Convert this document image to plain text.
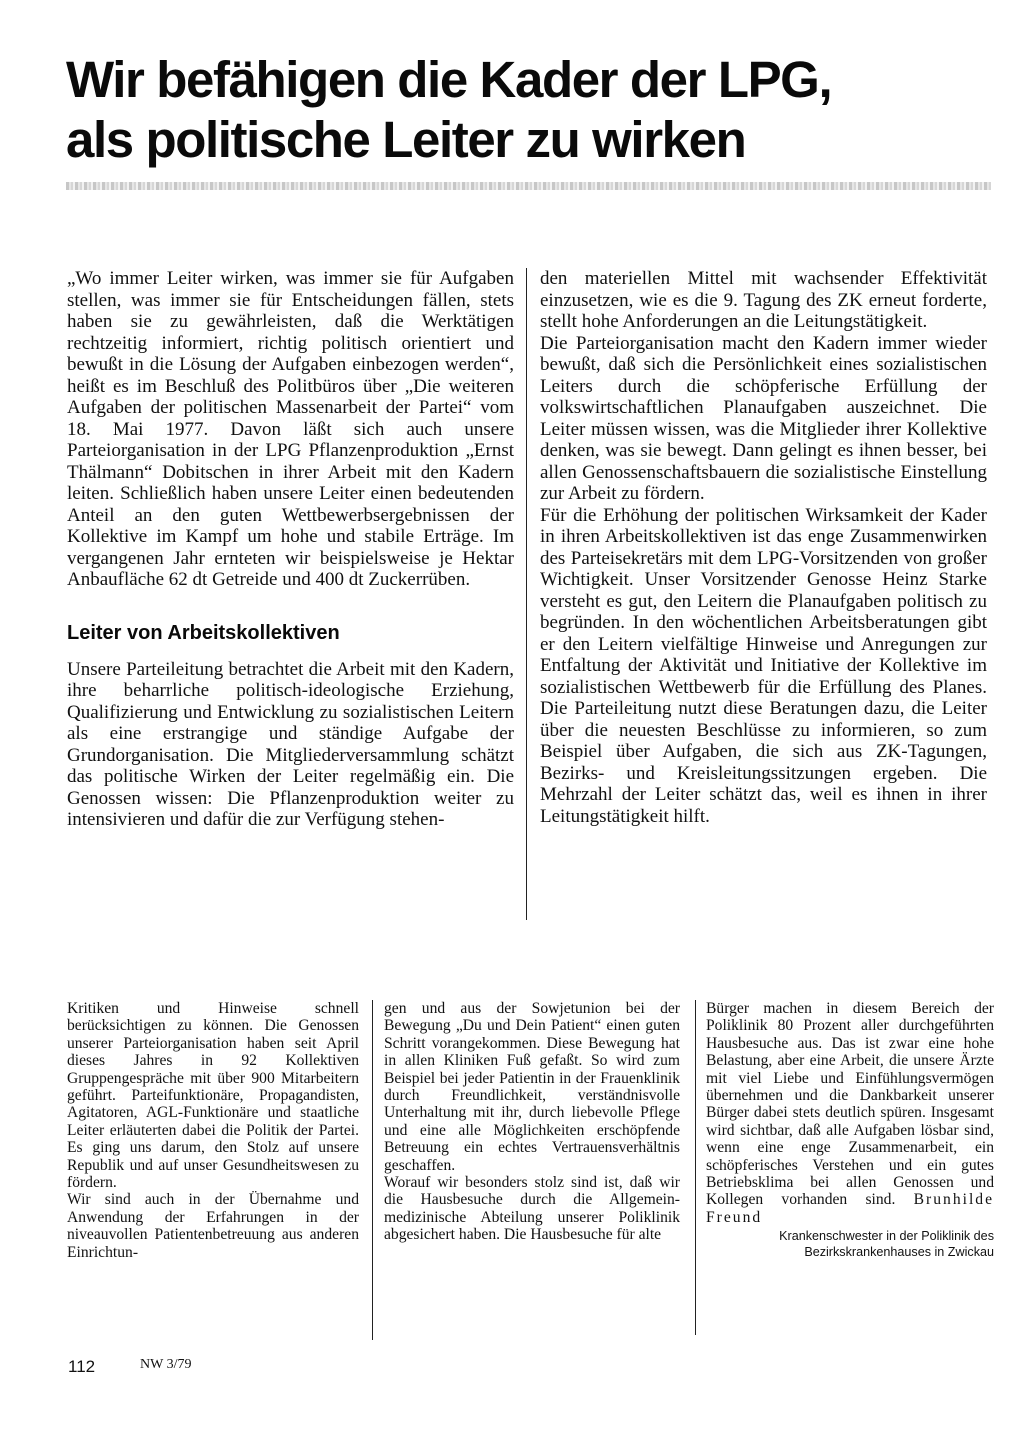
Wir befähigen die Kader der LPG,
als politische Leiter zu wirken

„Wo immer Leiter wirken, was immer sie für Aufgaben stellen, was immer sie für Entscheidungen fällen, stets haben sie zu gewährleisten, daß die Werktätigen rechtzeitig informiert, richtig politisch orientiert und bewußt in die Lösung der Aufgaben einbezogen werden“, heißt es im Beschluß des Politbüros über „Die weiteren Aufgaben der politischen Massenarbeit der Partei“ vom 18. Mai 1977. Davon läßt sich auch unsere Parteiorganisation in der LPG Pflanzenproduktion „Ernst Thälmann“ Dobitschen in ihrer Arbeit mit den Kadern leiten. Schließlich haben unsere Leiter einen bedeutenden Anteil an den guten Wettbewerbsergebnissen der Kollektive im Kampf um hohe und stabile Erträge. Im vergangenen Jahr ernteten wir beispielsweise je Hektar Anbaufläche 62 dt Getreide und 400 dt Zuckerrüben.

Leiter von Arbeitskollektiven

Unsere Parteileitung betrachtet die Arbeit mit den Kadern, ihre beharrliche politisch-ideologische Erziehung, Qualifizierung und Entwicklung zu sozialistischen Leitern als eine erstrangige und ständige Aufgabe der Grundorganisation. Die Mitgliederversammlung schätzt das politische Wirken der Leiter regelmäßig ein. Die Genossen wissen: Die Pflanzenproduktion weiter zu intensivieren und dafür die zur Verfügung stehen-

den materiellen Mittel mit wachsender Effektivität einzusetzen, wie es die 9. Tagung des ZK erneut forderte, stellt hohe Anforderungen an die Leitungstätigkeit.

Die Parteiorganisation macht den Kadern immer wieder bewußt, daß sich die Persönlichkeit eines sozialistischen Leiters durch die schöpferische Erfüllung der volkswirtschaftlichen Planaufgaben auszeichnet. Die Leiter müssen wissen, was die Mitglieder ihrer Kollektive denken, was sie bewegt. Dann gelingt es ihnen besser, bei allen Genossenschaftsbauern die sozialistische Einstellung zur Arbeit zu fördern.

Für die Erhöhung der politischen Wirksamkeit der Kader in ihren Arbeitskollektiven ist das enge Zusammenwirken des Parteisekretärs mit dem LPG-Vorsitzenden von großer Wichtigkeit. Unser Vorsitzender Genosse Heinz Starke versteht es gut, den Leitern die Planaufgaben politisch zu begründen. In den wöchentlichen Arbeitsberatungen gibt er den Leitern vielfältige Hinweise und Anregungen zur Entfaltung der Aktivität und Initiative der Kollektive im sozialistischen Wettbewerb für die Erfüllung des Planes. Die Parteileitung nutzt diese Beratungen dazu, die Leiter über die neuesten Beschlüsse zu informieren, so zum Beispiel über Aufgaben, die sich aus ZK-Tagungen, Bezirks- und Kreisleitungssitzungen ergeben. Die Mehrzahl der Leiter schätzt das, weil es ihnen in ihrer Leitungstätigkeit hilft.

Kritiken und Hinweise schnell berücksichtigen zu können. Die Genossen unserer Parteiorganisation haben seit April dieses Jahres in 92 Kollektiven Gruppengespräche mit über 900 Mitarbeitern geführt. Parteifunktionäre, Propagandisten, Agitatoren, AGL-Funktionäre und staatliche Leiter erläuterten dabei die Politik der Partei. Es ging uns darum, den Stolz auf unsere Republik und auf unser Gesundheitswesen zu fördern.

Wir sind auch in der Übernahme und Anwendung der Erfahrungen in der niveauvollen Patientenbetreuung aus anderen Einrichtun-

gen und aus der Sowjetunion bei der Bewegung „Du und Dein Patient“ einen guten Schritt vorangekommen. Diese Bewegung hat in allen Kliniken Fuß gefaßt. So wird zum Beispiel bei jeder Patientin in der Frauenklinik durch Freundlichkeit, verständnisvolle Unterhaltung mit ihr, durch liebevolle Pflege und eine alle Möglichkeiten erschöpfende Betreuung ein echtes Vertrauensverhältnis geschaffen.

Worauf wir besonders stolz sind ist, daß wir die Hausbesuche durch die Allgemein-medizinische Abteilung unserer Poliklinik abgesichert haben. Die Hausbesuche für alte

Bürger machen in diesem Bereich der Poliklinik 80 Prozent aller durchgeführten Hausbesuche aus. Das ist zwar eine hohe Belastung, aber eine Arbeit, die unsere Ärzte mit viel Liebe und Einfühlungsvermögen übernehmen und die Dankbarkeit unserer Bürger dabei stets deutlich spüren. Insgesamt wird sichtbar, daß alle Aufgaben lösbar sind, wenn eine enge Zusammenarbeit, ein schöpferisches Verstehen und ein gutes Betriebsklima bei allen Genossen und Kollegen vorhanden sind. Brunhilde Freund

Krankenschwester in der Poliklinik des Bezirkskrankenhauses in Zwickau
112	NW 3/79
